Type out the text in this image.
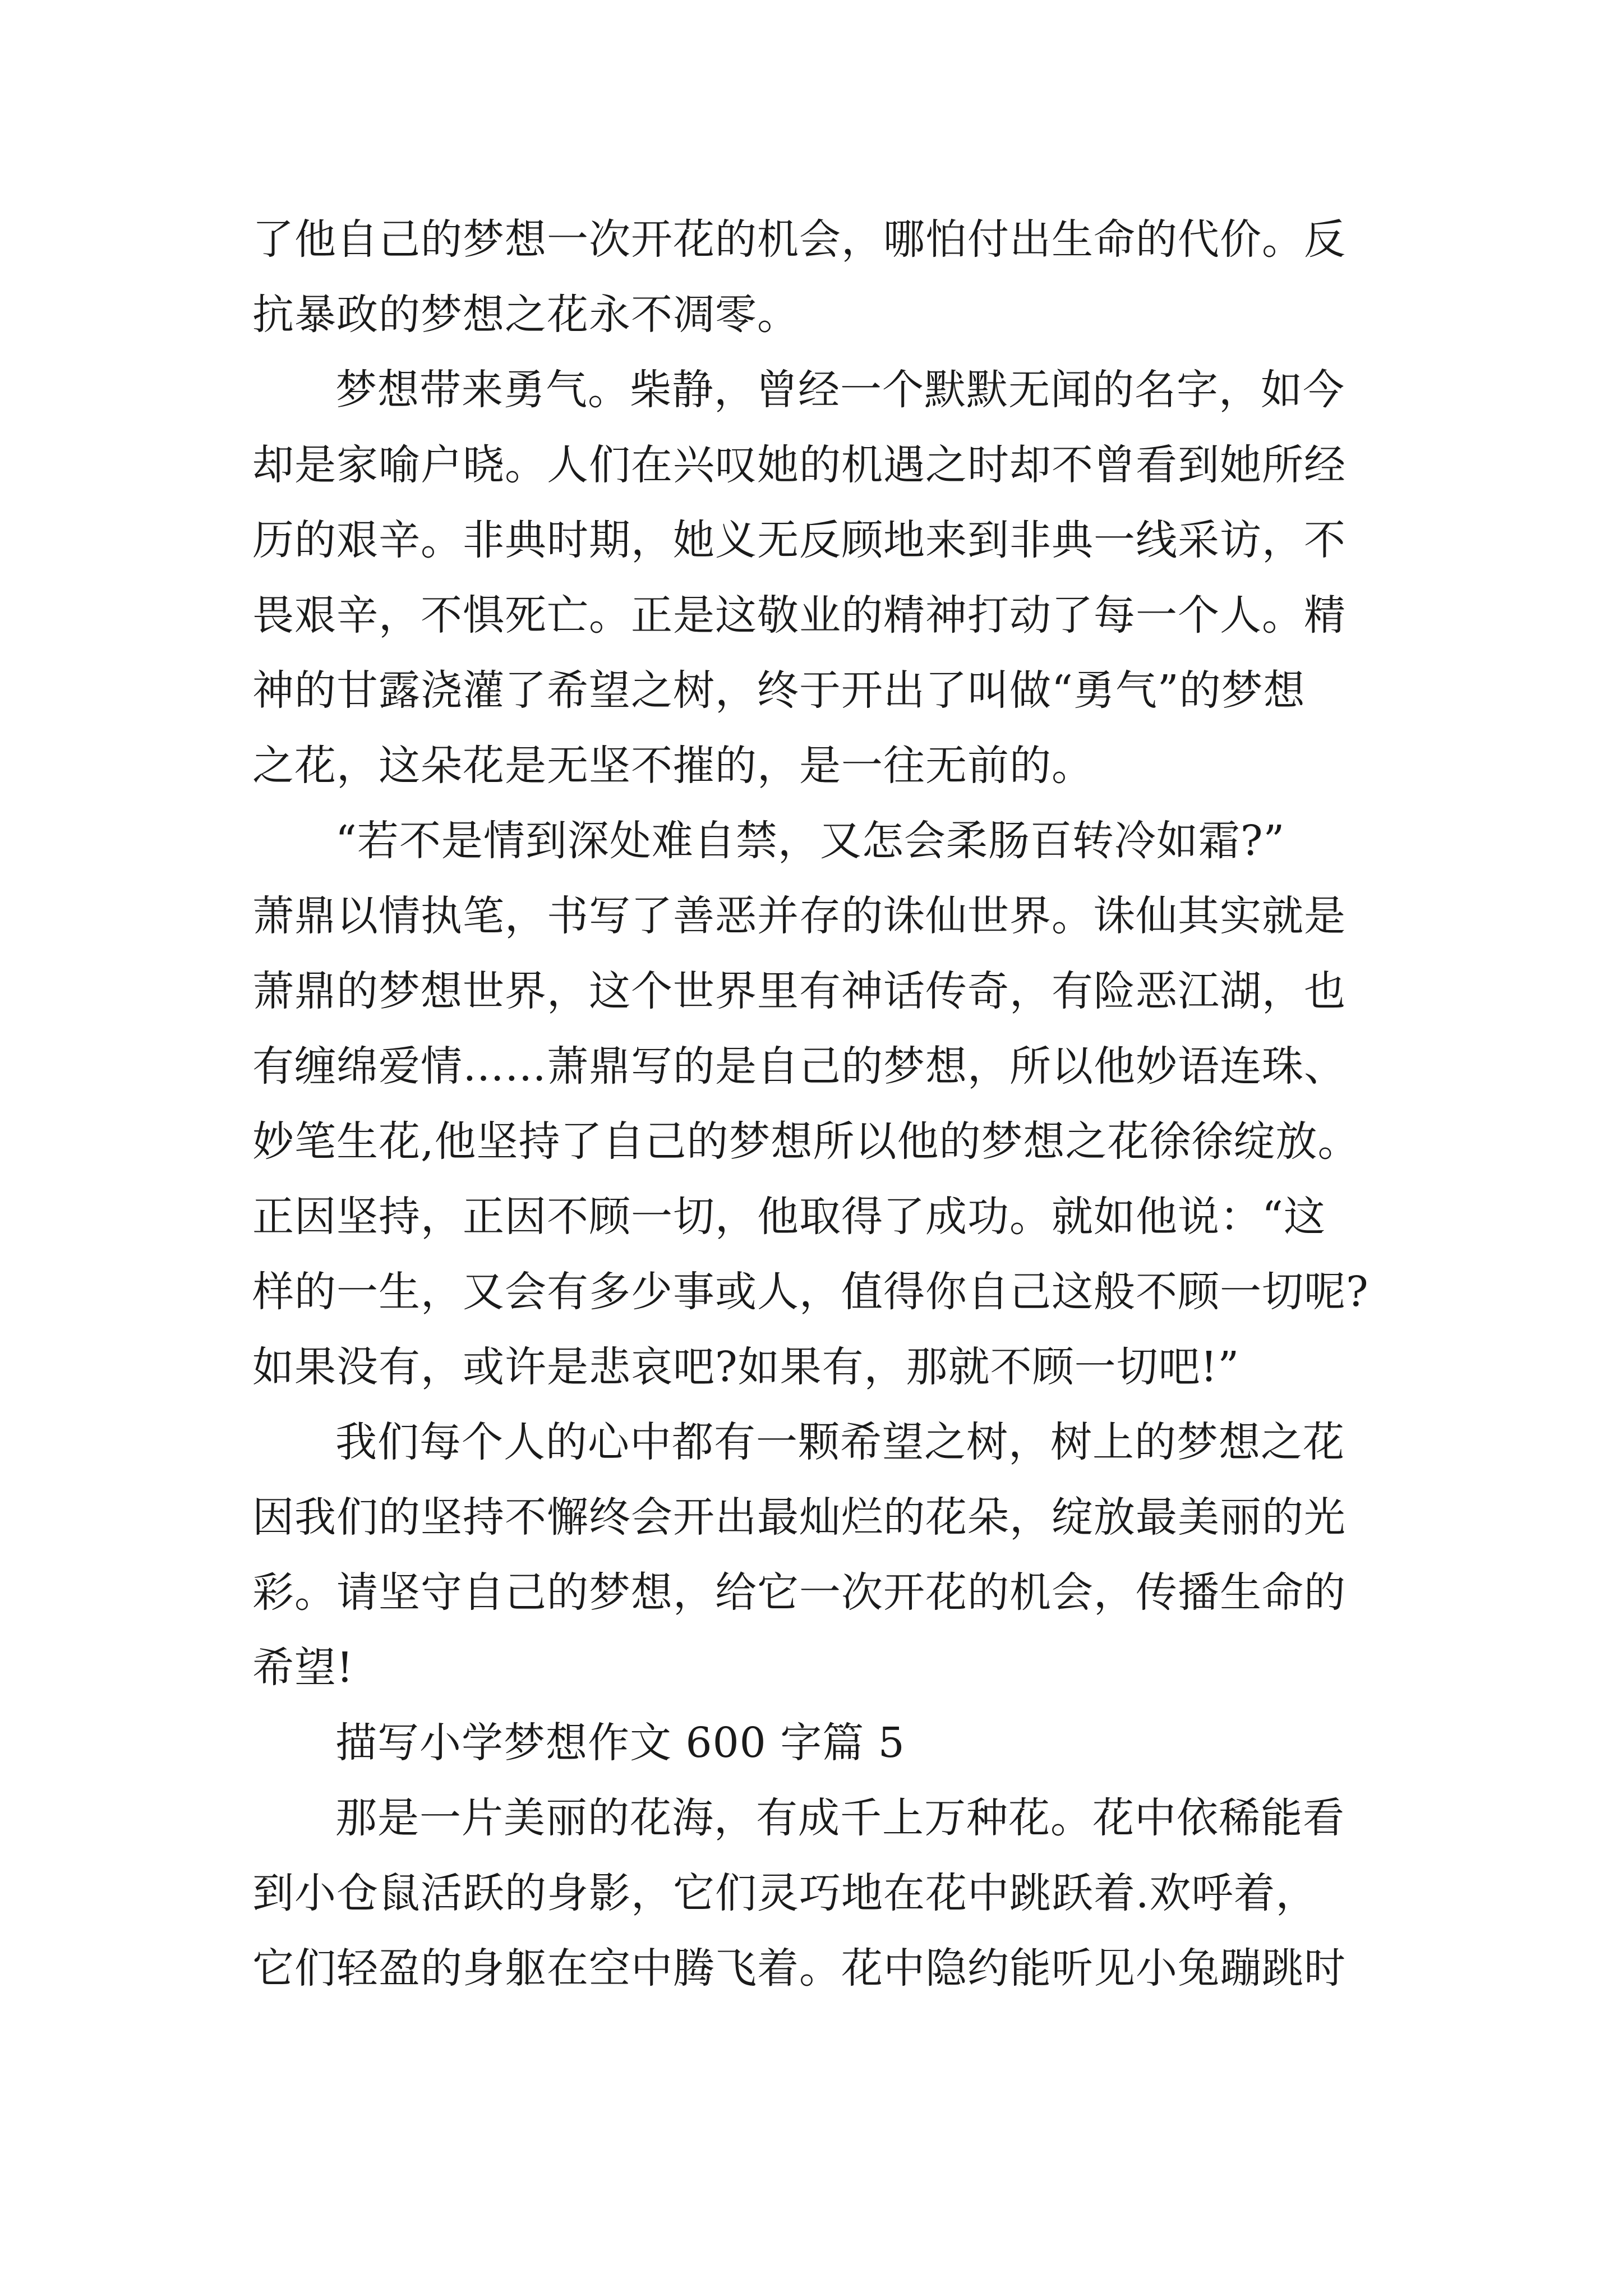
了他自己的梦想一次开花的机会，哪怕付出生命的代价。反
抗暴政的梦想之花永不凋零。
梦想带来勇气。柴静，曾经一个默默无闻的名字，如今
却是家喻户晓。人们在兴叹她的机遇之时却不曾看到她所经
历的艰辛。非典时期，她义无反顾地来到非典一线采访，不
畏艰辛，不惧死亡。正是这敬业的精神打动了每一个人。精
神的甘露浇灌了希望之树，终于开出了叫做“勇气”的梦想
之花，这朵花是无坚不摧的，是一往无前的。
“若不是情到深处难自禁，又怎会柔肠百转冷如霜?”
萧鼎以情执笔，书写了善恶并存的诛仙世界。诛仙其实就是
萧鼎的梦想世界，这个世界里有神话传奇，有险恶江湖，也
有缠绵爱情……萧鼎写的是自己的梦想，所以他妙语连珠、
妙笔生花,他坚持了自己的梦想所以他的梦想之花徐徐绽放。
正因坚持，正因不顾一切，他取得了成功。就如他说：“这
样的一生，又会有多少事或人，值得你自己这般不顾一切呢?
如果没有，或许是悲哀吧?如果有，那就不顾一切吧!”
我们每个人的心中都有一颗希望之树，树上的梦想之花
因我们的坚持不懈终会开出最灿烂的花朵，绽放最美丽的光
彩。请坚守自己的梦想，给它一次开花的机会，传播生命的
希望!
描写小学梦想作文 600 字篇 5
那是一片美丽的花海，有成千上万种花。花中依稀能看
到小仓鼠活跃的身影，它们灵巧地在花中跳跃着.欢呼着，
它们轻盈的身躯在空中腾飞着。花中隐约能听见小兔蹦跳时
